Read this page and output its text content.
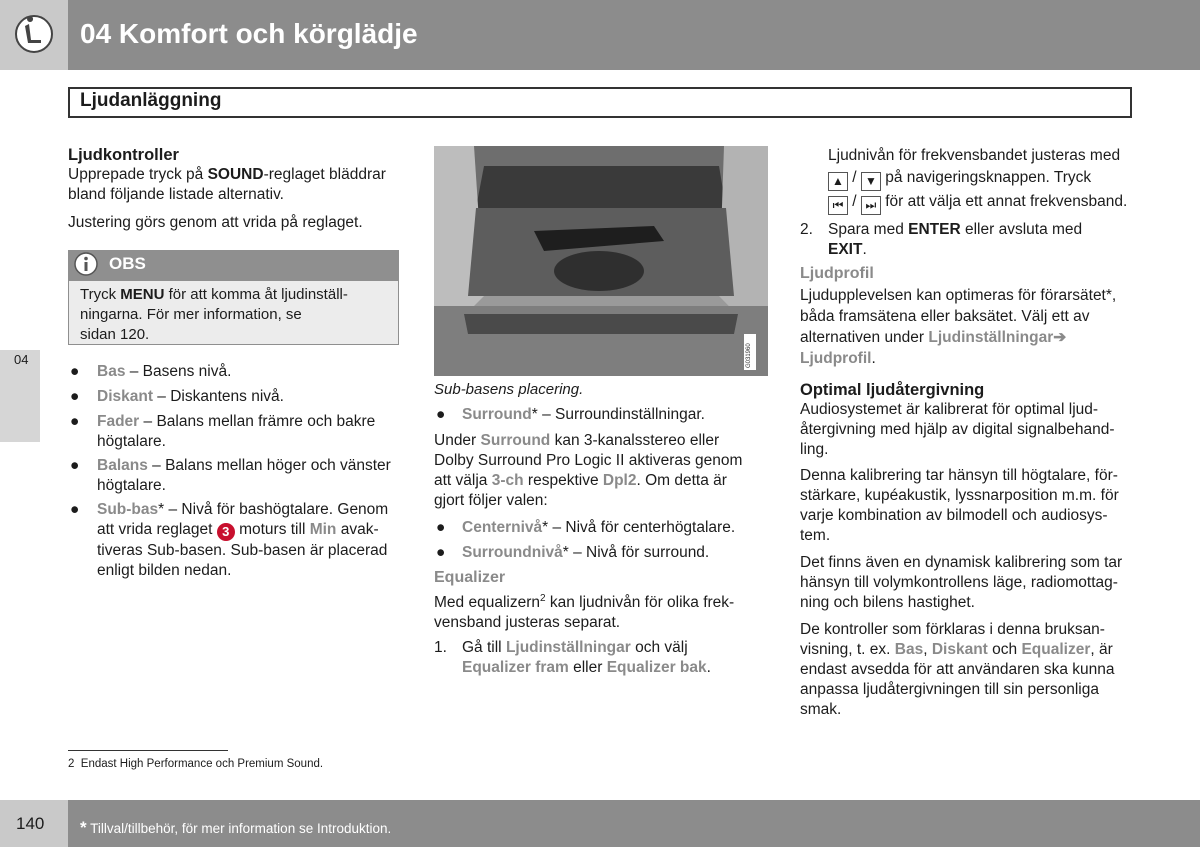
04 Komfort och körglädje
Ljudanläggning
04
Ljudkontroller
Upprepade tryck på SOUND-reglaget bläddrar
bland följande listade alternativ.
Justering görs genom att vrida på reglaget.
OBS
Tryck MENU för att komma åt ljudinställ-
ningarna. För mer information, se
sidan 120.
● Bas – Basens nivå.
● Diskant – Diskantens nivå.
● Fader – Balans mellan främre och bakre
högtalare.
● Balans – Balans mellan höger och vänster
högtalare.
● Sub-bas* – Nivå för bashögtalare. Genom
att vrida reglaget 3 moturs till Min avak-
tiveras Sub-basen. Sub-basen är placerad
enligt bilden nedan.
G031960
Sub-basens placering.
● Surround* – Surroundinställningar.
Under Surround kan 3-kanalsstereo eller
Dolby Surround Pro Logic II aktiveras genom
att välja 3-ch respektive Dpl2. Om detta är
gjort följer valen:
● Centernivå* – Nivå för centerhögtalare.
● Surroundnivå* – Nivå för surround.
Equalizer
Med equalizern$^2$ kan ljudnivån för olika frek-
vensband justeras separat.
1. Gå till Ljudinställningar och välj
Equalizer fram eller Equalizer bak.
Ljudnivån för frekvensbandet justeras med
▲ / ▼ på navigeringsknappen. Tryck
⏮ / ⏭ för att välja ett annat frekvensband.
2. Spara med ENTER eller avsluta med
EXIT.
Ljudprofil
Ljudupplevelsen kan optimeras för förarsätet*,
båda framsätena eller baksätet. Välj ett av
alternativen under Ljudinställningar➔
Ljudprofil.
Optimal ljudåtergivning
Audiosystemet är kalibrerat för optimal ljud-
återgivning med hjälp av digital signalbehand-
ling.
Denna kalibrering tar hänsyn till högtalare, för-
stärkare, kupéakustik, lyssnarposition m.m. för
varje kombination av bilmodell och audiosys-
tem.
Det finns även en dynamisk kalibrering som tar
hänsyn till volymkontrollens läge, radiomottag-
ning och bilens hastighet.
De kontroller som förklaras i denna bruksan-
visning, t. ex. Bas, Diskant och Equalizer, är
endast avsedda för att användaren ska kunna
anpassa ljudåtergivningen till sin personliga
smak.
2 Endast High Performance och Premium Sound.
140 * Tillval/tillbehör, för mer information se Introduktion.
